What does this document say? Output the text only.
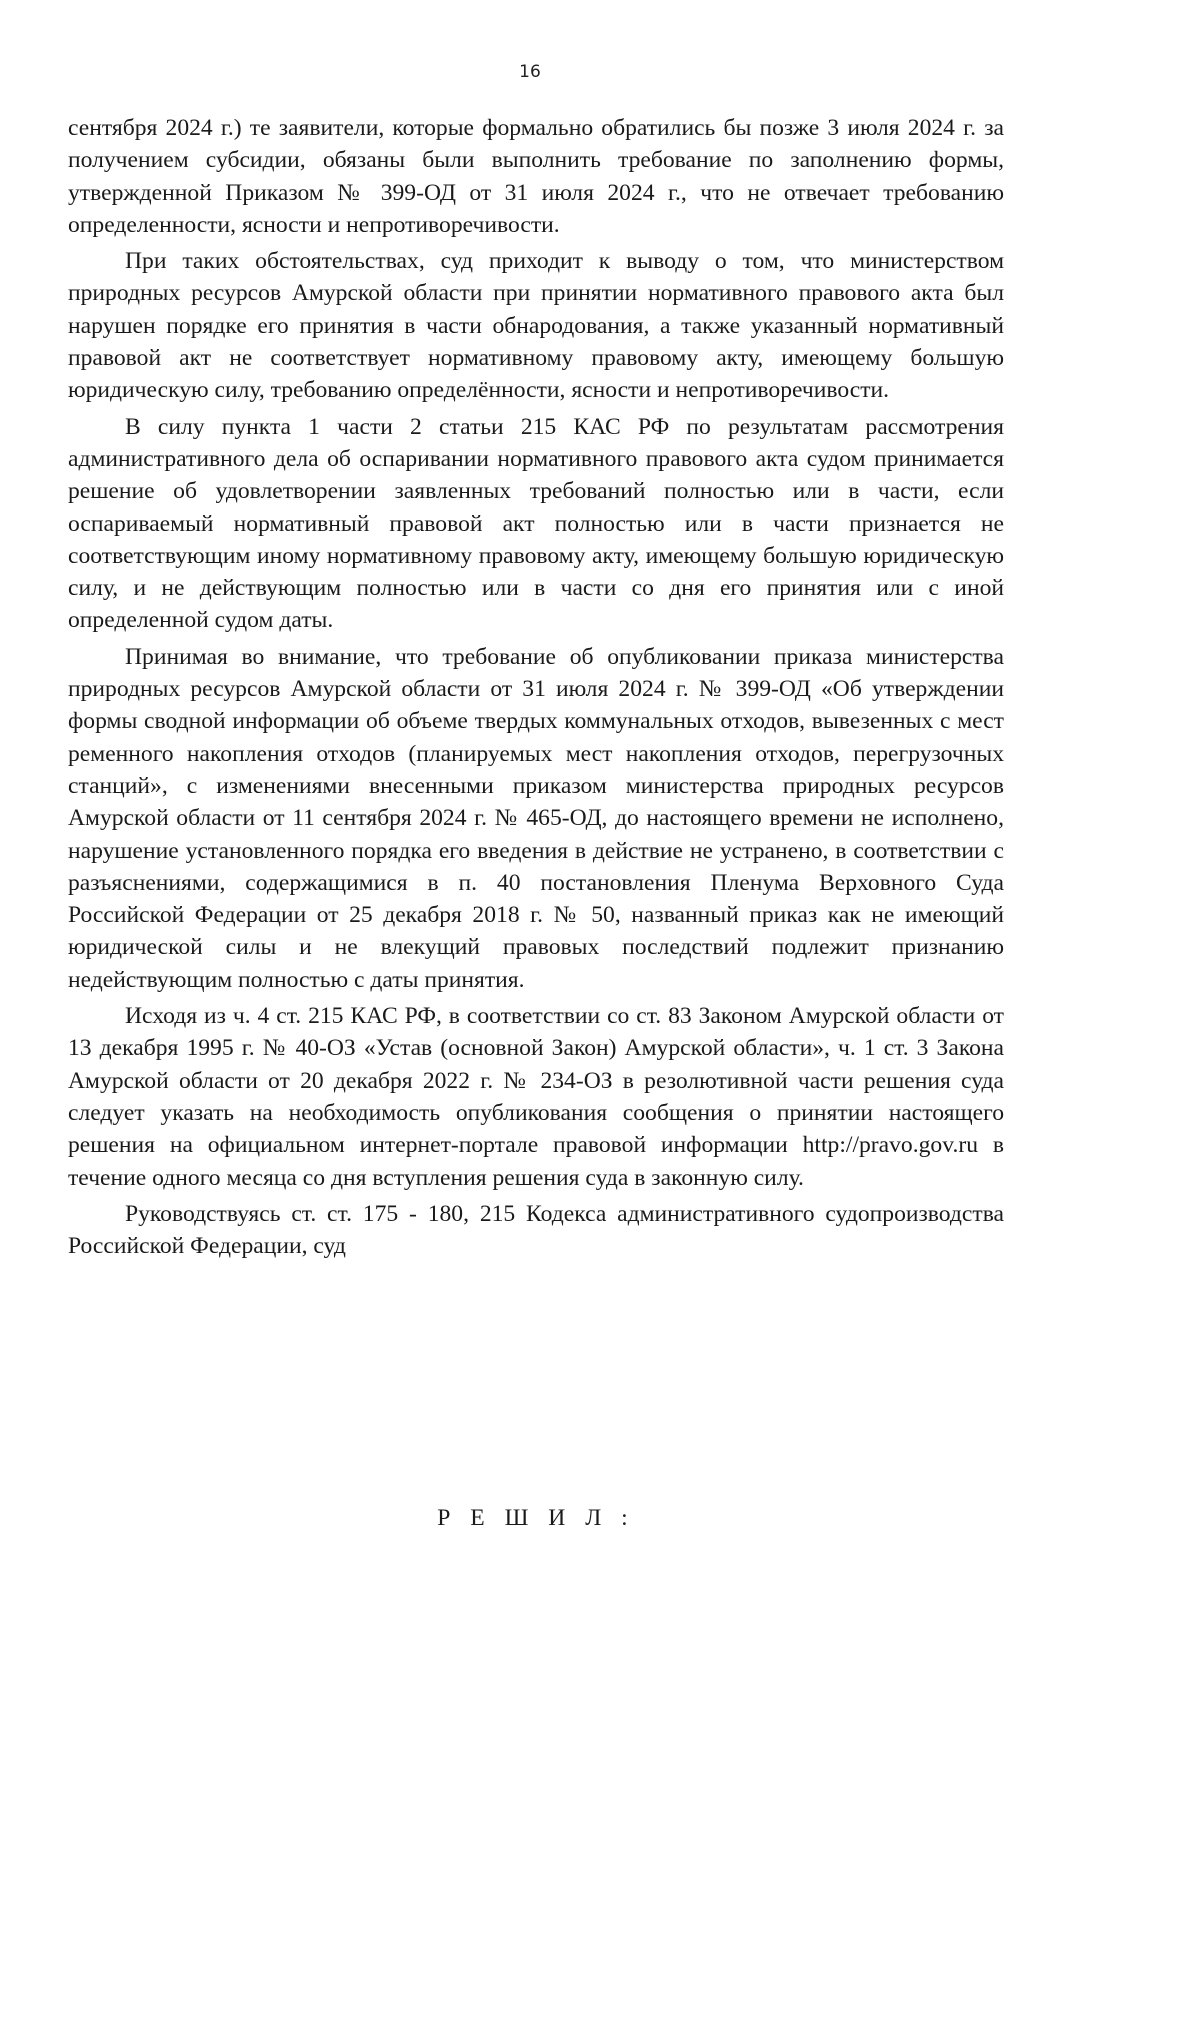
16

сентября 2024 г.) те заявители, которые формально обратились бы позже 3 июля 2024 г. за получением субсидии, обязаны были выполнить требование по заполнению формы, утвержденной Приказом № 399-ОД от 31 июля 2024 г., что не отвечает требованию определенности, ясности и непротиворечивости.

При таких обстоятельствах, суд приходит к выводу о том, что министерством природных ресурсов Амурской области при принятии нормативного правового акта был нарушен порядке его принятия в части обнародования, а также указанный нормативный правовой акт не соответствует нормативному правовому акту, имеющему большую юридическую силу, требованию определённости, ясности и непротиворечивости.

В силу пункта 1 части 2 статьи 215 КАС РФ по результатам рассмотрения административного дела об оспаривании нормативного правового акта судом принимается решение об удовлетворении заявленных требований полностью или в части, если оспариваемый нормативный правовой акт полностью или в части признается не соответствующим иному нормативному правовому акту, имеющему большую юридическую силу, и не действующим полностью или в части со дня его принятия или с иной определенной судом даты.

Принимая во внимание, что требование об опубликовании приказа министерства природных ресурсов Амурской области от 31 июля 2024 г. № 399-ОД «Об утверждении формы сводной информации об объеме твердых коммунальных отходов, вывезенных с мест ременного накопления отходов (планируемых мест накопления отходов, перегрузочных станций», с изменениями внесенными приказом министерства природных ресурсов Амурской области от 11 сентября 2024 г. № 465-ОД, до настоящего времени не исполнено, нарушение установленного порядка его введения в действие не устранено, в соответствии с разъяснениями, содержащимися в п. 40 постановления Пленума Верховного Суда Российской Федерации от 25 декабря 2018 г. № 50, названный приказ как не имеющий юридической силы и не влекущий правовых последствий подлежит признанию недействующим полностью с даты принятия.

Исходя из ч. 4 ст. 215 КАС РФ, в соответствии со ст. 83 Законом Амурской области от 13 декабря 1995 г. № 40-ОЗ «Устав (основной Закон) Амурской области», ч. 1 ст. 3 Закона Амурской области от 20 декабря 2022 г. № 234-ОЗ в резолютивной части решения суда следует указать на необходимость опубликования сообщения о принятии настоящего решения на официальном интернет-портале правовой информации http://pravo.gov.ru в течение одного месяца со дня вступления решения суда в законную силу.

Руководствуясь ст. ст. 175 - 180, 215 Кодекса административного судопроизводства Российской Федерации, суд

Р Е Ш И Л :
